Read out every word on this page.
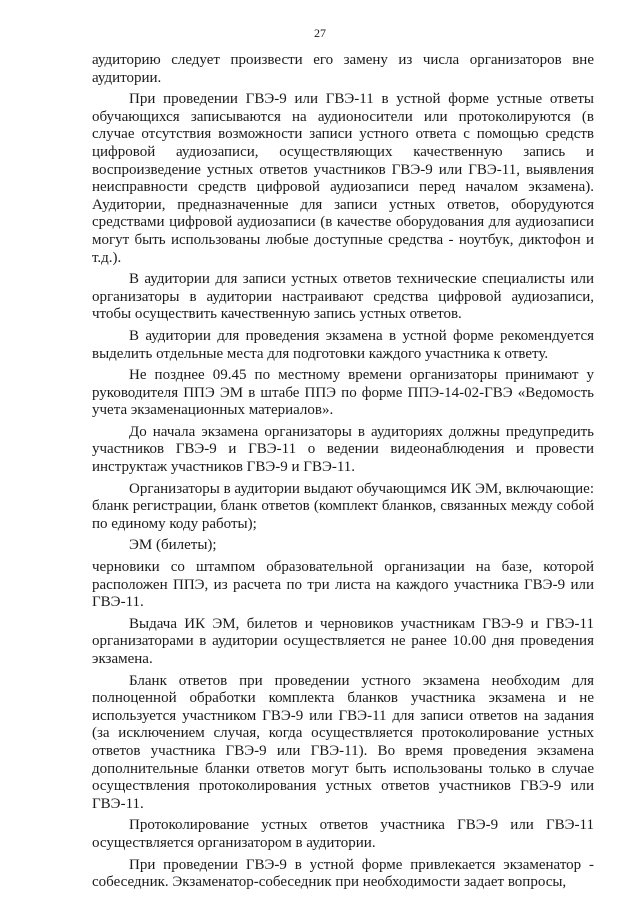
27

аудиторию следует произвести его замену из числа организаторов вне аудитории.

При проведении ГВЭ-9 или ГВЭ-11 в устной форме устные ответы обучающихся записываются на аудионосители или протоколируются (в случае отсутствия возможности записи устного ответа с помощью средств цифровой аудиозаписи, осуществляющих качественную запись и воспроизведение устных ответов участников ГВЭ-9 или ГВЭ-11, выявления неисправности средств цифровой аудиозаписи перед началом экзамена). Аудитории, предназначенные для записи устных ответов, оборудуются средствами цифровой аудиозаписи (в качестве оборудования для аудиозаписи могут быть использованы любые доступные средства - ноутбук, диктофон и т.д.).

В аудитории для записи устных ответов технические специалисты или организаторы в аудитории настраивают средства цифровой аудиозаписи, чтобы осуществить качественную запись устных ответов.

В аудитории для проведения экзамена в устной форме рекомендуется выделить отдельные места для подготовки каждого участника к ответу.

Не позднее 09.45 по местному времени организаторы принимают у руководителя ППЭ ЭМ в штабе ППЭ по форме ППЭ-14-02-ГВЭ «Ведомость учета экзаменационных материалов».

До начала экзамена организаторы в аудиториях должны предупредить участников ГВЭ-9 и ГВЭ-11 о ведении видеонаблюдения и провести инструктаж участников ГВЭ-9 и ГВЭ-11.

Организаторы в аудитории выдают обучающимся ИК ЭМ, включающие: бланк регистрации, бланк ответов (комплект бланков, связанных между собой по единому коду работы);

ЭМ (билеты);

черновики со штампом образовательной организации на базе, которой расположен ППЭ, из расчета по три листа на каждого участника ГВЭ-9 или ГВЭ-11.

Выдача ИК ЭМ, билетов и черновиков участникам ГВЭ-9 и ГВЭ-11 организаторами в аудитории осуществляется не ранее 10.00 дня проведения экзамена.

Бланк ответов при проведении устного экзамена необходим для полноценной обработки комплекта бланков участника экзамена и не используется участником ГВЭ-9 или ГВЭ-11 для записи ответов на задания (за исключением случая, когда осуществляется протоколирование устных ответов участника ГВЭ-9 или ГВЭ-11). Во время проведения экзамена дополнительные бланки ответов могут быть использованы только в случае осуществления протоколирования устных ответов участников ГВЭ-9 или ГВЭ-11.

Протоколирование устных ответов участника ГВЭ-9 или ГВЭ-11 осуществляется организатором в аудитории.

При проведении ГВЭ-9 в устной форме привлекается экзаменатор - собеседник. Экзаменатор-собеседник при необходимости задает вопросы,
